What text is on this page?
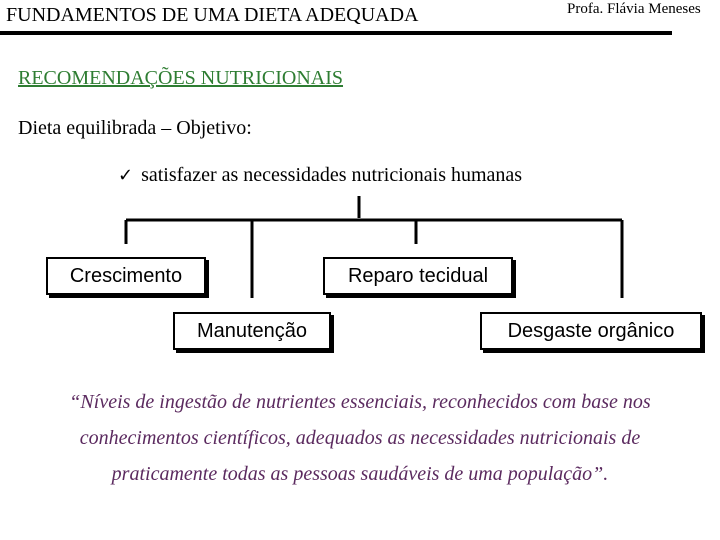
FUNDAMENTOS DE UMA DIETA ADEQUADA	Profa. Flávia Meneses
RECOMENDAÇÕES NUTRICIONAIS
Dieta equilibrada – Objetivo:
✓ satisfazer as necessidades nutricionais humanas
Crescimento	Reparo tecidual
Manutenção	Desgaste orgânico
“Níveis de ingestão de nutrientes essenciais, reconhecidos com base nos conhecimentos científicos, adequados as necessidades nutricionais de praticamente todas as pessoas saudáveis de uma população”.
